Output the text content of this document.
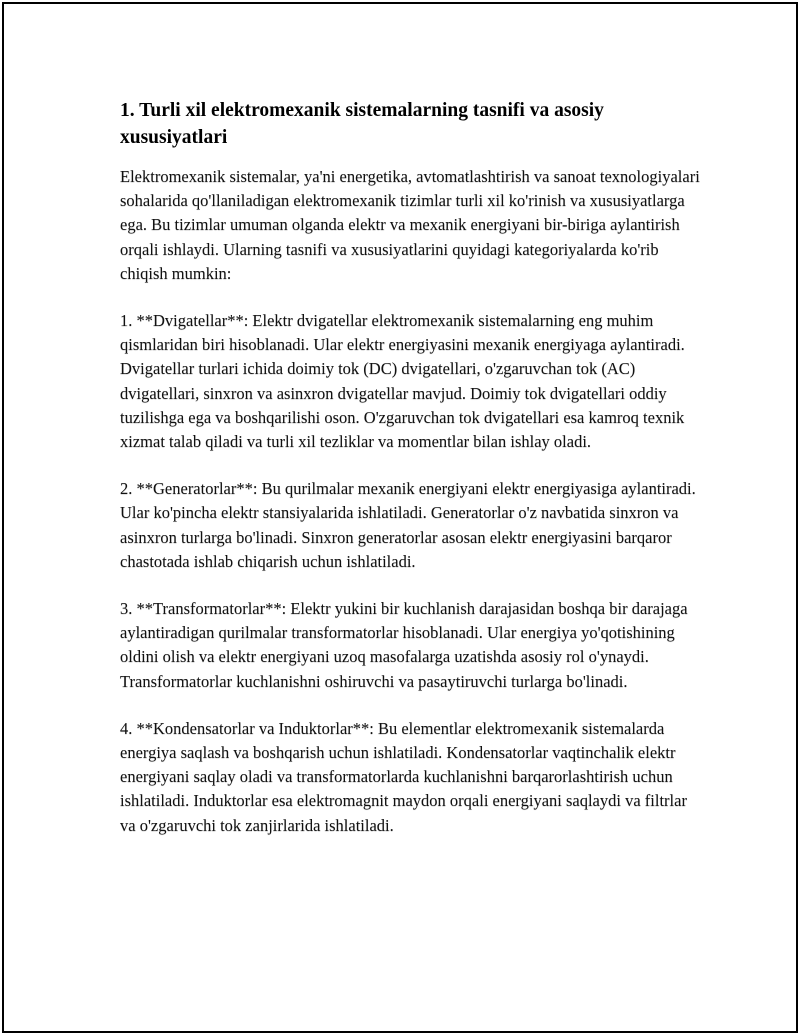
1. Turli xil elektromexanik sistemalarning tasnifi va asosiy xususiyatlari

Elektromexanik sistemalar, ya'ni energetika, avtomatlashtirish va sanoat texnologiyalari sohalarida qo'llaniladigan elektromexanik tizimlar turli xil ko'rinish va xususiyatlarga ega. Bu tizimlar umuman olganda elektr va mexanik energiyani bir-biriga aylantirish orqali ishlaydi. Ularning tasnifi va xususiyatlarini quyidagi kategoriyalarda ko'rib chiqish mumkin:

1. **Dvigatellar**: Elektr dvigatellar elektromexanik sistemalarning eng muhim qismlaridan biri hisoblanadi. Ular elektr energiyasini mexanik energiyaga aylantiradi. Dvigatellar turlari ichida doimiy tok (DC) dvigatellari, o'zgaruvchan tok (AC) dvigatellari, sinxron va asinxron dvigatellar mavjud. Doimiy tok dvigatellari oddiy tuzilishga ega va boshqarilishi oson. O'zgaruvchan tok dvigatellari esa kamroq texnik xizmat talab qiladi va turli xil tezliklar va momentlar bilan ishlay oladi.

2. **Generatorlar**: Bu qurilmalar mexanik energiyani elektr energiyasiga aylantiradi. Ular ko'pincha elektr stansiyalarida ishlatiladi. Generatorlar o'z navbatida sinxron va asinxron turlarga bo'linadi. Sinxron generatorlar asosan elektr energiyasini barqaror chastotada ishlab chiqarish uchun ishlatiladi.

3. **Transformatorlar**: Elektr yukini bir kuchlanish darajasidan boshqa bir darajaga aylantiradigan qurilmalar transformatorlar hisoblanadi. Ular energiya yo'qotishining oldini olish va elektr energiyani uzoq masofalarga uzatishda asosiy rol o'ynaydi. Transformatorlar kuchlanishni oshiruvchi va pasaytiruvchi turlarga bo'linadi.

4. **Kondensatorlar va Induktorlar**: Bu elementlar elektromexanik sistemalarda energiya saqlash va boshqarish uchun ishlatiladi. Kondensatorlar vaqtinchalik elektr energiyani saqlay oladi va transformatorlarda kuchlanishni barqarorlashtirish uchun ishlatiladi. Induktorlar esa elektromagnit maydon orqali energiyani saqlaydi va filtrlar va o'zgaruvchi tok zanjirlarida ishlatiladi.
